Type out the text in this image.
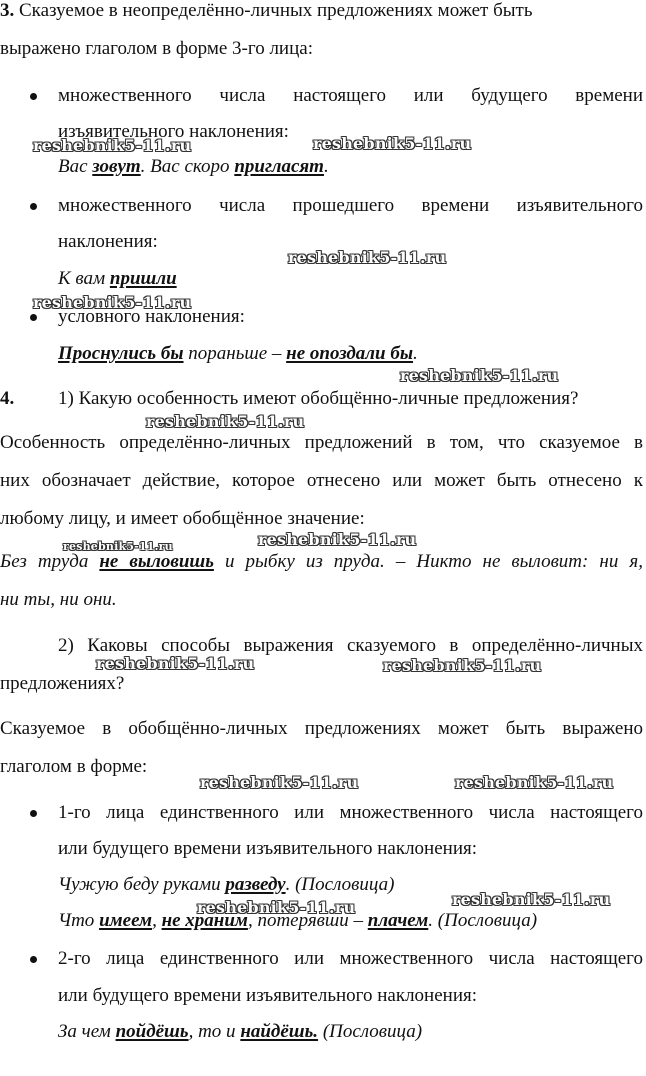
3. Сказуемое в неопределённо-личных предложениях может быть
выражено глаголом в форме 3-го лица:
множественного числа настоящего или будущего времени
изъявительного наклонения:
Вас зовут. Вас скоро пригласят.
множественного числа прошедшего времени изъявительного
наклонения:
К вам пришли
условного наклонения:
Проснулись бы пораньше – не опоздали бы.
4. 1) Какую особенность имеют обобщённо-личные предложения?
Особенность определённо-личных предложений в том, что сказуемое в
них обозначает действие, которое отнесено или может быть отнесено к
любому лицу, и имеет обобщённое значение:
Без труда не выловишь и рыбку из пруда. – Никто не выловит: ни я,
ни ты, ни они.
2) Каковы способы выражения сказуемого в определённо-личных
предложениях?
Сказуемое в обобщённо-личных предложениях может быть выражено
глаголом в форме:
1-го лица единственного или множественного числа настоящего
или будущего времени изъявительного наклонения:
Чужую беду руками разведу. (Пословица)
Что имеем, не храним, потерявши – плачем. (Пословица)
2-го лица единственного или множественного числа настоящего
или будущего времени изъявительного наклонения:
За чем пойдёшь, то и найдёшь. (Пословица)
reshebnik5-11.ru	reshebnik5-11.ru
reshebnik5-11.ru
reshebnik5-11.ru
reshebnik5-11.ru
reshebnik5-11.ru
reshebnik5-11.ru
reshebnik5-11.ru
reshebnik5-11.ru	reshebnik5-11.ru
reshebnik5-11.ru	reshebnik5-11.ru
reshebnik5-11.ru
reshebnik5-11.ru
